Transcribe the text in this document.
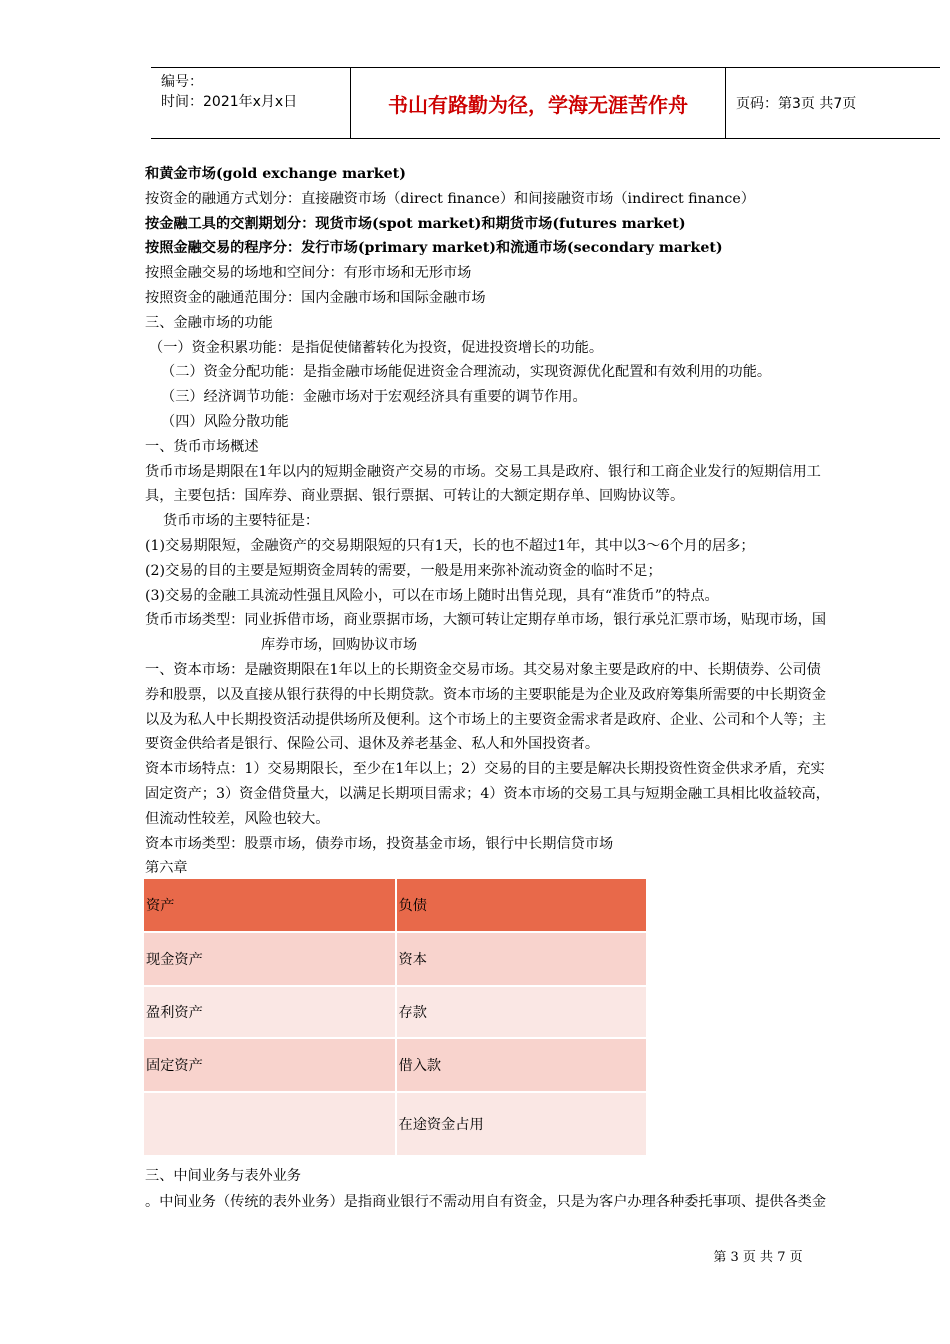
编号：
时间：2021年x月x日	书山有路勤为径，学海无涯苦作舟	页码：第3页 共7页

和黄金市场(gold exchange market)

按资金的融通方式划分：直接融资市场（direct finance）和间接融资市场（indirect finance）

按金融工具的交割期划分：现货市场(spot market)和期货市场(futures market)

按照金融交易的程序分：发行市场(primary market)和流通市场(secondary market)

按照金融交易的场地和空间分：有形市场和无形市场

按照资金的融通范围分：国内金融市场和国际金融市场

三、金融市场的功能

（一）资金积累功能：是指促使储蓄转化为投资，促进投资增长的功能。

（二）资金分配功能：是指金融市场能促进资金合理流动，实现资源优化配置和有效利用的功能。

（三）经济调节功能：金融市场对于宏观经济具有重要的调节作用。

（四）风险分散功能

一、货币市场概述

货币市场是期限在1年以内的短期金融资产交易的市场。交易工具是政府、银行和工商企业发行的短期信用工

具，主要包括：国库券、商业票据、银行票据、可转让的大额定期存单、回购协议等。

货币市场的主要特征是：

(1)交易期限短，金融资产的交易期限短的只有1天，长的也不超过1年，其中以3～6个月的居多；

(2)交易的目的主要是短期资金周转的需要，一般是用来弥补流动资金的临时不足；

(3)交易的金融工具流动性强且风险小，可以在市场上随时出售兑现，具有“准货币”的特点。

货币市场类型：同业拆借市场，商业票据市场，大额可转让定期存单市场，银行承兑汇票市场，贴现市场，国

库券市场，回购协议市场

一、资本市场：是融资期限在1年以上的长期资金交易市场。其交易对象主要是政府的中、长期债券、公司债

券和股票，以及直接从银行获得的中长期贷款。资本市场的主要职能是为企业及政府筹集所需要的中长期资金

以及为私人中长期投资活动提供场所及便利。这个市场上的主要资金需求者是政府、企业、公司和个人等；主

要资金供给者是银行、保险公司、退休及养老基金、私人和外国投资者。

资本市场特点：1）交易期限长，至少在1年以上；2）交易的目的主要是解决长期投资性资金供求矛盾，充实

固定资产；3）资金借贷量大，以满足长期项目需求；4）资本市场的交易工具与短期金融工具相比收益较高，

但流动性较差，风险也较大。

资本市场类型：股票市场，债券市场，投资基金市场，银行中长期信贷市场

第六章

资产	负债
现金资产	资本
盈利资产	存款
固定资产	借入款
	在途资金占用

三、中间业务与表外业务

。中间业务（传统的表外业务）是指商业银行不需动用自有资金，只是为客户办理各种委托事项、提供各类金

第 3 页 共 7 页
